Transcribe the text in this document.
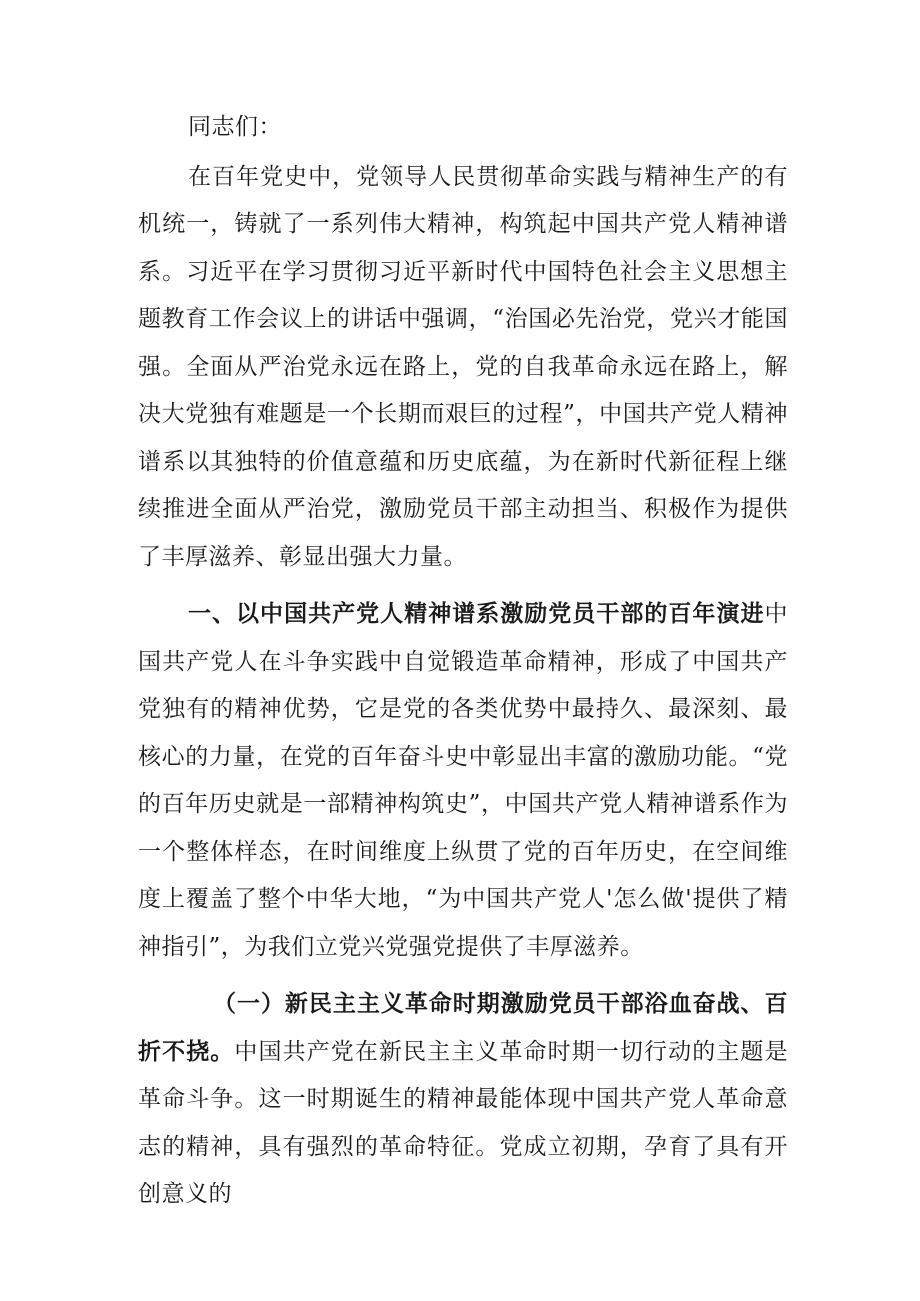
同志们：

在百年党史中，党领导人民贯彻革命实践与精神生产的有机统一，铸就了一系列伟大精神，构筑起中国共产党人精神谱系。习近平在学习贯彻习近平新时代中国特色社会主义思想主题教育工作会议上的讲话中强调，“治国必先治党，党兴才能国强。全面从严治党永远在路上，党的自我革命永远在路上，解决大党独有难题是一个长期而艰巨的过程”，中国共产党人精神谱系以其独特的价值意蕴和历史底蕴，为在新时代新征程上继续推进全面从严治党，激励党员干部主动担当、积极作为提供了丰厚滋养、彰显出强大力量。

一、以中国共产党人精神谱系激励党员干部的百年演进中国共产党人在斗争实践中自觉锻造革命精神，形成了中国共产党独有的精神优势，它是党的各类优势中最持久、最深刻、最核心的力量，在党的百年奋斗史中彰显出丰富的激励功能。“党的百年历史就是一部精神构筑史”，中国共产党人精神谱系作为一个整体样态，在时间维度上纵贯了党的百年历史，在空间维度上覆盖了整个中华大地，“为中国共产党人'怎么做'提供了精神指引”，为我们立党兴党强党提供了丰厚滋养。

（一）新民主主义革命时期激励党员干部浴血奋战、百折不挠。中国共产党在新民主主义革命时期一切行动的主题是革命斗争。这一时期诞生的精神最能体现中国共产党人革命意志的精神，具有强烈的革命特征。党成立初期，孕育了具有开创意义的
